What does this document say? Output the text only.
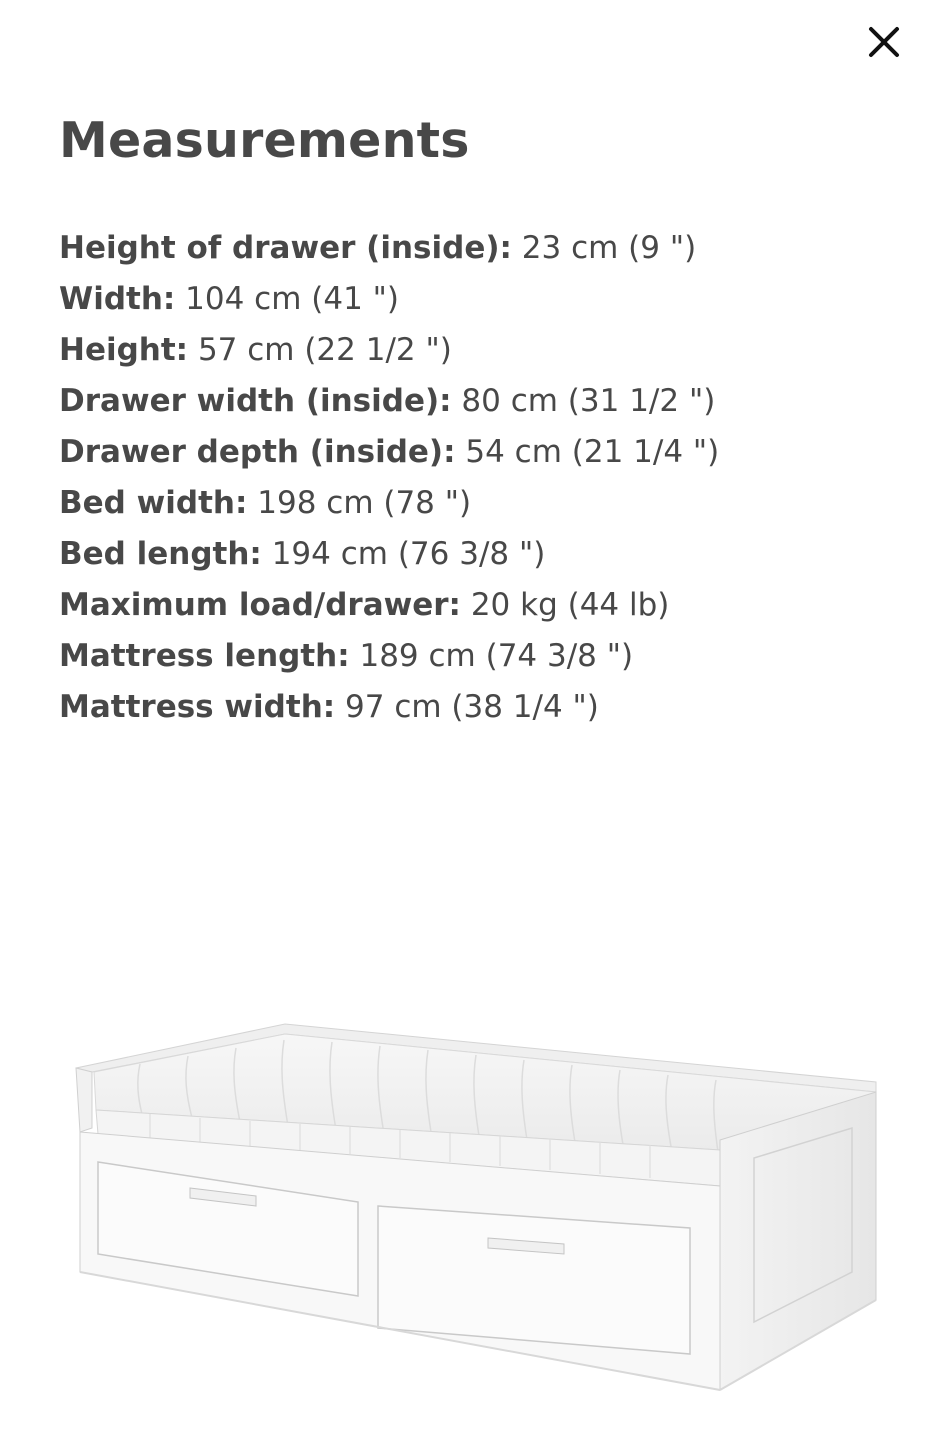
Measurements
Height of drawer (inside): 23 cm (9 ")
Width: 104 cm (41 ")
Height: 57 cm (22 1/2 ")
Drawer width (inside): 80 cm (31 1/2 ")
Drawer depth (inside): 54 cm (21 1/4 ")
Bed width: 198 cm (78 ")
Bed length: 194 cm (76 3/8 ")
Maximum load/drawer: 20 kg (44 lb)
Mattress length: 189 cm (74 3/8 ")
Mattress width: 97 cm (38 1/4 ")
